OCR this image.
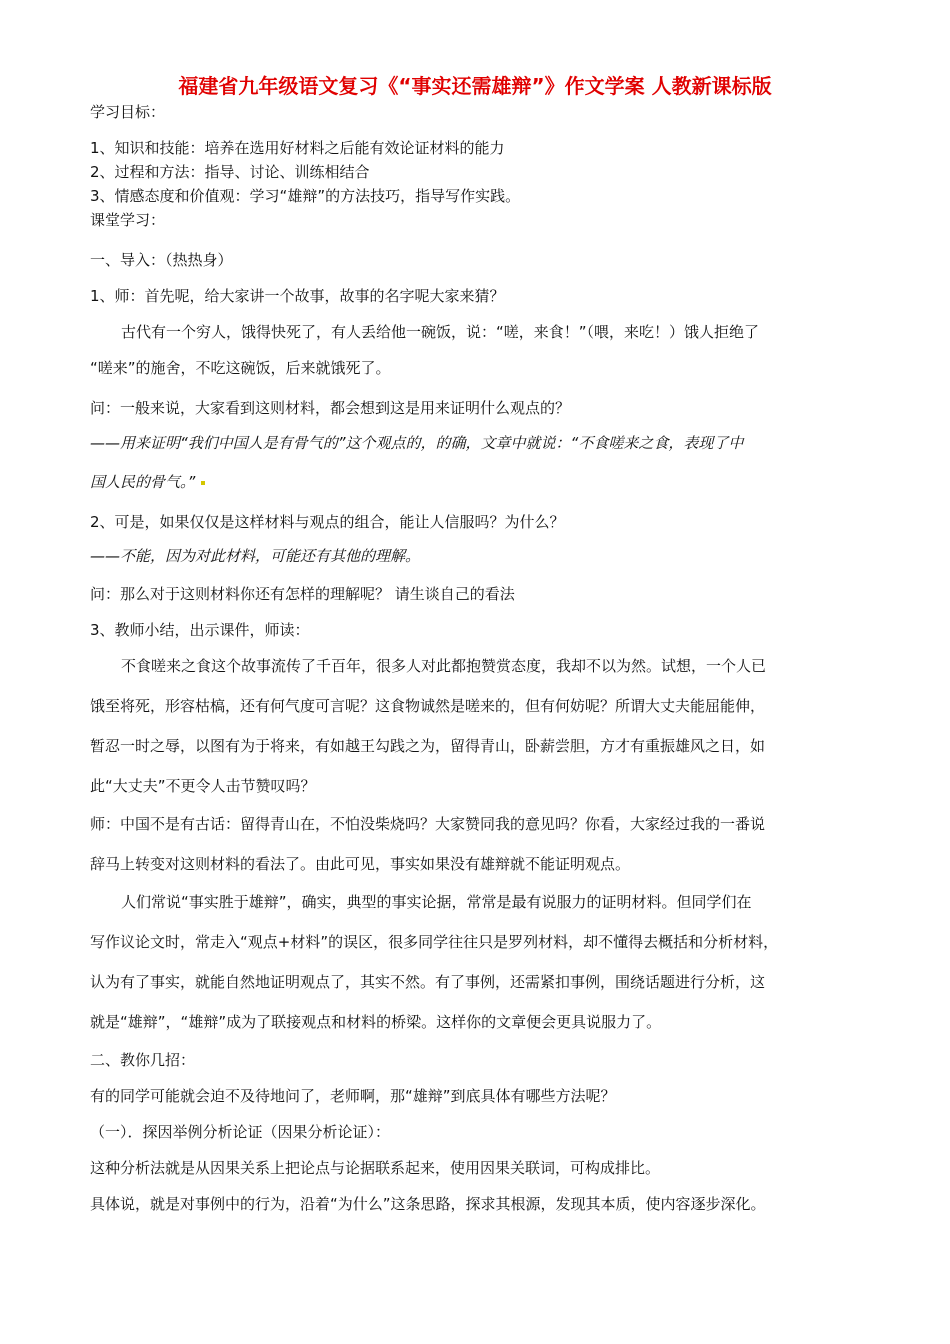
福建省九年级语文复习《“事实还需雄辩”》作文学案 人教新课标版
学习目标：
1、知识和技能：培养在选用好材料之后能有效论证材料的能力
2、过程和方法：指导、讨论、训练相结合
3、情感态度和价值观：学习“雄辩”的方法技巧，指导写作实践。
课堂学习：
一、导入：（热热身）
1、师：首先呢，给大家讲一个故事，故事的名字呢大家来猜？
古代有一个穷人，饿得快死了，有人丢给他一碗饭，说：“嗟，来食！”（喂，来吃！）饿人拒绝了
“嗟来”的施舍，不吃这碗饭，后来就饿死了。
问：一般来说，大家看到这则材料，都会想到这是用来证明什么观点的？
——用来证明“我们中国人是有骨气的”这个观点的，的确，文章中就说：“不食嗟来之食，表现了中
国人民的骨气。”
2、可是，如果仅仅是这样材料与观点的组合，能让人信服吗？为什么？
——不能，因为对此材料，可能还有其他的理解。
问：那么对于这则材料你还有怎样的理解呢？ 请生谈自己的看法
3、教师小结，出示课件，师读：
不食嗟来之食这个故事流传了千百年，很多人对此都抱赞赏态度，我却不以为然。试想，一个人已
饿至将死，形容枯槁，还有何气度可言呢？这食物诚然是嗟来的，但有何妨呢？所谓大丈夫能屈能伸，
暂忍一时之辱，以图有为于将来，有如越王勾践之为，留得青山，卧薪尝胆，方才有重振雄风之日，如
此“大丈夫”不更令人击节赞叹吗？
师：中国不是有古话：留得青山在，不怕没柴烧吗？大家赞同我的意见吗？你看，大家经过我的一番说
辞马上转变对这则材料的看法了。由此可见，事实如果没有雄辩就不能证明观点。
人们常说“事实胜于雄辩”，确实，典型的事实论据，常常是最有说服力的证明材料。但同学们在
写作议论文时，常走入“观点+材料”的误区，很多同学往往只是罗列材料，却不懂得去概括和分析材料，
认为有了事实，就能自然地证明观点了，其实不然。有了事例，还需紧扣事例，围绕话题进行分析，这
就是“雄辩”，“雄辩”成为了联接观点和材料的桥梁。这样你的文章便会更具说服力了。
二、教你几招：
有的同学可能就会迫不及待地问了，老师啊，那“雄辩”到底具体有哪些方法呢？
（一）．探因举例分析论证（因果分析论证）：
这种分析法就是从因果关系上把论点与论据联系起来，使用因果关联词，可构成排比。
具体说，就是对事例中的行为，沿着“为什么”这条思路，探求其根源，发现其本质，使内容逐步深化。
